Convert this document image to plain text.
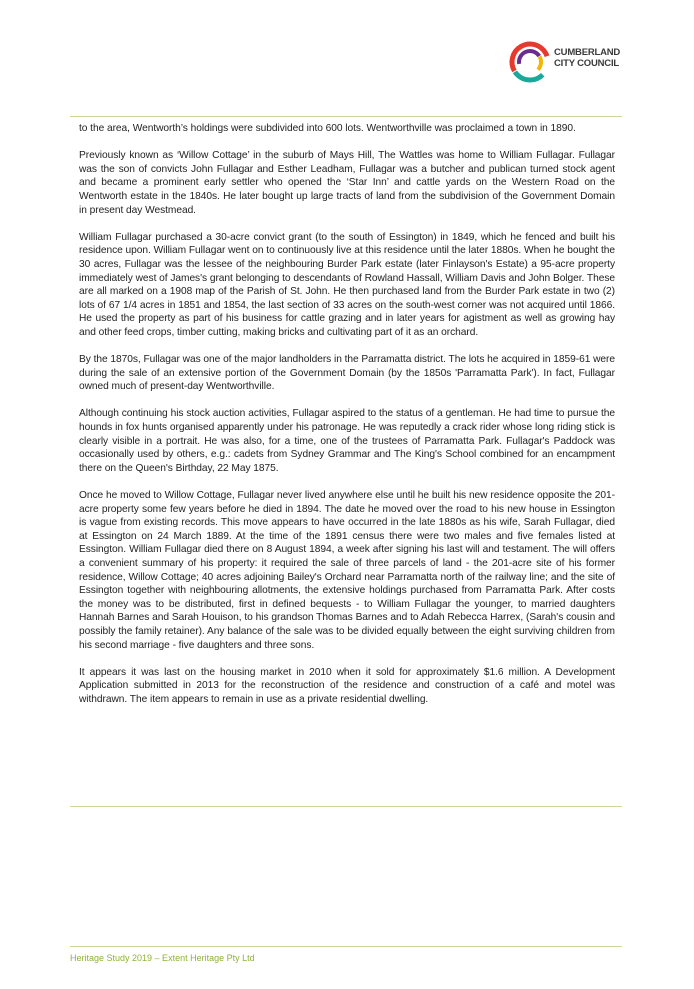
CUMBERLAND
CITY COUNCIL

to the area, Wentworth’s holdings were subdivided into 600 lots. Wentworthville was proclaimed a town in 1890.

Previously known as ‘Willow Cottage’ in the suburb of Mays Hill, The Wattles was home to William Fullagar. Fullagar was the son of convicts John Fullagar and Esther Leadham, Fullagar was a butcher and publican turned stock agent and became a prominent early settler who opened the ‘Star Inn’ and cattle yards on the Western Road on the Wentworth estate in the 1840s. He later bought up large tracts of land from the subdivision of the Government Domain in present day Westmead.

William Fullagar purchased a 30-acre convict grant (to the south of Essington) in 1849, which he fenced and built his residence upon. William Fullagar went on to continuously live at this residence until the later 1880s. When he bought the 30 acres, Fullagar was the lessee of the neighbouring Burder Park estate (later Finlayson's Estate) a 95-acre property immediately west of James's grant belonging to descendants of Rowland Hassall, William Davis and John Bolger. These are all marked on a 1908 map of the Parish of St. John. He then purchased land from the Burder Park estate in two (2) lots of 67 1/4 acres in 1851 and 1854, the last section of 33 acres on the south-west corner was not acquired until 1866. He used the property as part of his business for cattle grazing and in later years for agistment as well as growing hay and other feed crops, timber cutting, making bricks and cultivating part of it as an orchard.

By the 1870s, Fullagar was one of the major landholders in the Parramatta district. The lots he acquired in 1859-61 were during the sale of an extensive portion of the Government Domain (by the 1850s 'Parramatta Park'). In fact, Fullagar owned much of present-day Wentworthville.

Although continuing his stock auction activities, Fullagar aspired to the status of a gentleman. He had time to pursue the hounds in fox hunts organised apparently under his patronage. He was reputedly a crack rider whose long riding stick is clearly visible in a portrait. He was also, for a time, one of the trustees of Parramatta Park. Fullagar's Paddock was occasionally used by others, e.g.: cadets from Sydney Grammar and The King's School combined for an encampment there on the Queen's Birthday, 22 May 1875.

Once he moved to Willow Cottage, Fullagar never lived anywhere else until he built his new residence opposite the 201-acre property some few years before he died in 1894. The date he moved over the road to his new house in Essington is vague from existing records. This move appears to have occurred in the late 1880s as his wife, Sarah Fullagar, died at Essington on 24 March 1889. At the time of the 1891 census there were two males and five females listed at Essington. William Fullagar died there on 8 August 1894, a week after signing his last will and testament. The will offers a convenient summary of his property: it required the sale of three parcels of land - the 201-acre site of his former residence, Willow Cottage; 40 acres adjoining Bailey's Orchard near Parramatta north of the railway line; and the site of Essington together with neighbouring allotments, the extensive holdings purchased from Parramatta Park. After costs the money was to be distributed, first in defined bequests - to William Fullagar the younger, to married daughters Hannah Barnes and Sarah Houison, to his grandson Thomas Barnes and to Adah Rebecca Harrex, (Sarah's cousin and possibly the family retainer). Any balance of the sale was to be divided equally between the eight surviving children from his second marriage - five daughters and three sons.

It appears it was last on the housing market in 2010 when it sold for approximately $1.6 million. A Development Application submitted in 2013 for the reconstruction of the residence and construction of a café and motel was withdrawn. The item appears to remain in use as a private residential dwelling.

Heritage Study 2019 – Extent Heritage Pty Ltd
